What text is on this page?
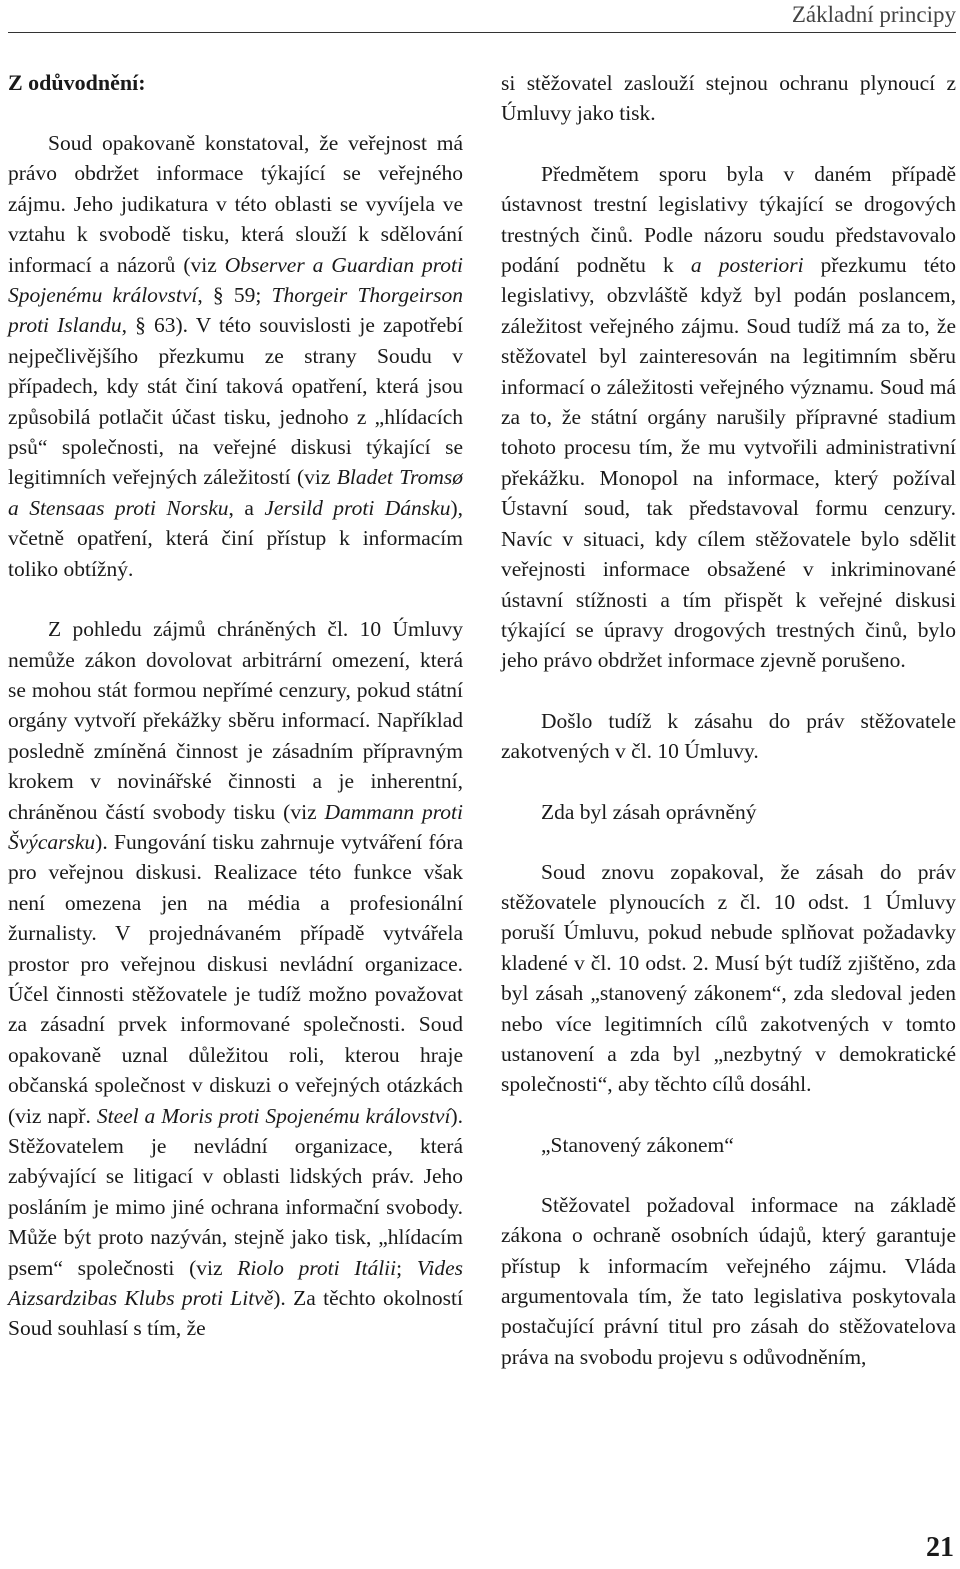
Základní principy
Z odůvodnění:

Soud opakovaně konstatoval, že veřejnost má právo obdržet informace týkající se veřejného zájmu. Jeho judikatura v této oblasti se vyvíjela ve vztahu k svobodě tisku, která slouží k sdělování informací a názorů (viz Observer a Guardian proti Spojenému království, § 59; Thorgeir Thorgeirson proti Islandu, § 63). V této souvislosti je zapotřebí nejpečlivějšího přezkumu ze strany Soudu v případech, kdy stát činí taková opatření, která jsou způsobilá potlačit účast tisku, jednoho z „hlídacích psů“ společnosti, na veřejné diskusi týkající se legitimních veřejných záležitostí (viz Bladet Tromsø a Stensaas proti Norsku, a Jersild proti Dánsku), včetně opatření, která činí přístup k informacím toliko obtížný.

Z pohledu zájmů chráněných čl. 10 Úmluvy nemůže zákon dovolovat arbitrární omezení, která se mohou stát formou nepřímé cenzury, pokud státní orgány vytvoří překážky sběru informací. Například posledně zmíněná činnost je zásadním přípravným krokem v novinářské činnosti a je inherentní, chráněnou částí svobody tisku (viz Dammann proti Švýcarsku). Fungování tisku zahrnuje vytváření fóra pro veřejnou diskusi. Realizace této funkce však není omezena jen na média a profesionální žurnalisty. V projednávaném případě vytvářela prostor pro veřejnou diskusi nevládní organizace. Účel činnosti stěžovatele je tudíž možno považovat za zásadní prvek informované společnosti. Soud opakovaně uznal důležitou roli, kterou hraje občanská společnost v diskuzi o veřejných otázkách (viz např. Steel a Moris proti Spojenému království). Stěžovatelem je nevládní organizace, která zabývající se litigací v oblasti lidských práv. Jeho posláním je mimo jiné ochrana informační svobody. Může být proto nazýván, stejně jako tisk, „hlídacím psem“ společnosti (viz Riolo proti Itálii; Vides Aizsardzibas Klubs proti Litvě). Za těchto okolností Soud souhlasí s tím, že

si stěžovatel zaslouží stejnou ochranu plynoucí z Úmluvy jako tisk.

Předmětem sporu byla v daném případě ústavnost trestní legislativy týkající se drogových trestných činů. Podle názoru soudu představovalo podání podnětu k a posteriori přezkumu této legislativy, obzvláště když byl podán poslancem, záležitost veřejného zájmu. Soud tudíž má za to, že stěžovatel byl zainteresován na legitimním sběru informací o záležitosti veřejného významu. Soud má za to, že státní orgány narušily přípravné stadium tohoto procesu tím, že mu vytvořili administrativní překážku. Monopol na informace, který požíval Ústavní soud, tak představoval formu cenzury. Navíc v situaci, kdy cílem stěžovatele bylo sdělit veřejnosti informace obsažené v inkriminované ústavní stížnosti a tím přispět k veřejné diskusi týkající se úpravy drogových trestných činů, bylo jeho právo obdržet informace zjevně porušeno.

Došlo tudíž k zásahu do práv stěžovatele zakotvených v čl. 10 Úmluvy.

Zda byl zásah oprávněný

Soud znovu zopakoval, že zásah do práv stěžovatele plynoucích z čl. 10 odst. 1 Úmluvy poruší Úmluvu, pokud nebude splňovat požadavky kladené v čl. 10 odst. 2. Musí být tudíž zjištěno, zda byl zásah „stanovený zákonem“, zda sledoval jeden nebo více legitimních cílů zakotvených v tomto ustanovení a zda byl „nezbytný v demokratické společnosti“, aby těchto cílů dosáhl.

„Stanovený zákonem“

Stěžovatel požadoval informace na základě zákona o ochraně osobních údajů, který garantuje přístup k informacím veřejného zájmu. Vláda argumentovala tím, že tato legislativa poskytovala postačující právní titul pro zásah do stěžovatelova práva na svobodu projevu s odůvodněním,

21
